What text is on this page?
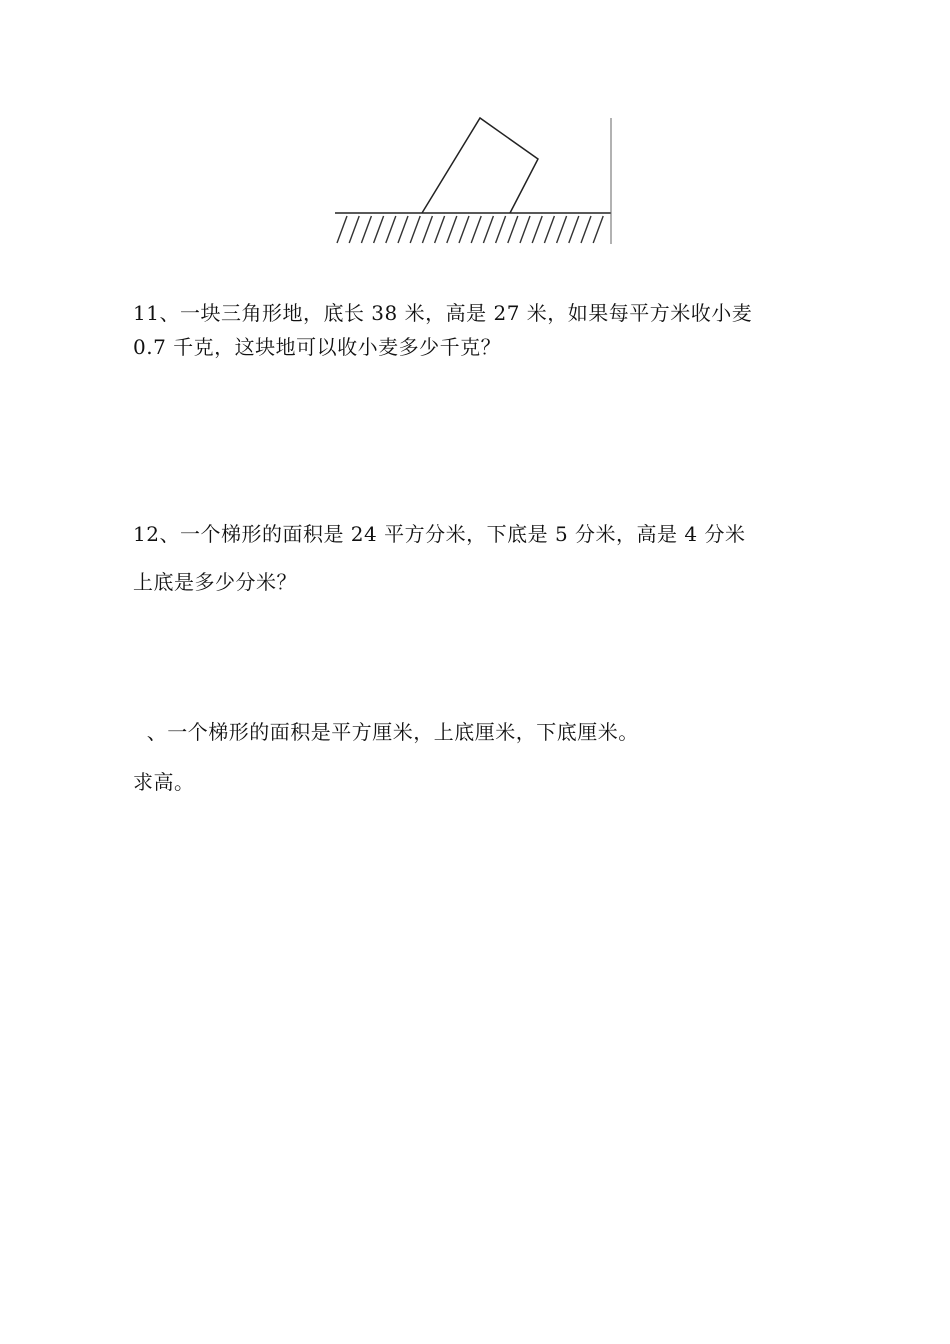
11、一块三角形地，底长 38 米，高是 27 米，如果每平方米收小麦
0.7 千克，这块地可以收小麦多少千克？
12、一个梯形的面积是 24 平方分米，下底是 5 分米，高是 4 分米
上底是多少分米？
、一个梯形的面积是平方厘米，上底厘米，下底厘米。
求高。
